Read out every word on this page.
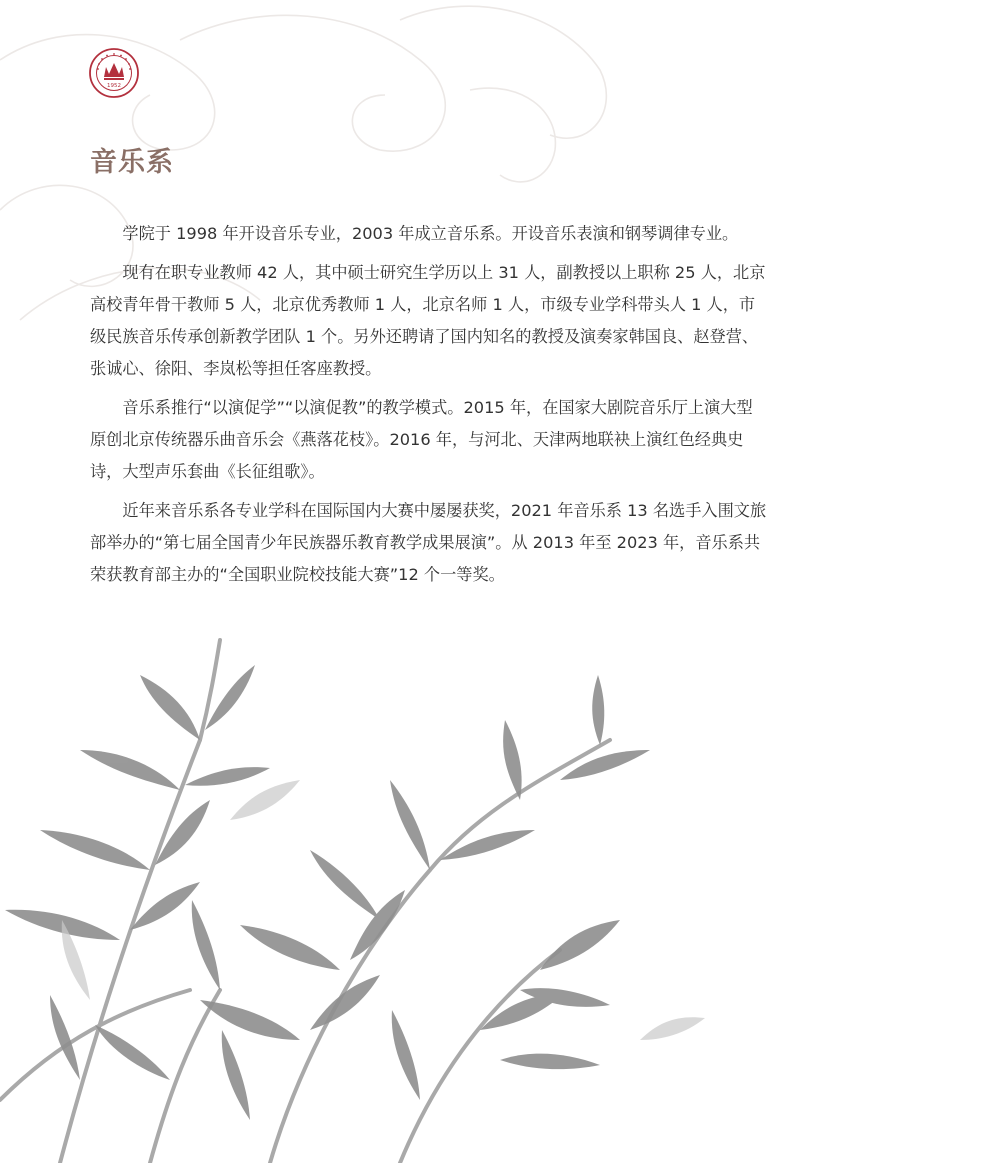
1952
音乐系

学院于 1998 年开设音乐专业，2003 年成立音乐系。开设音乐表演和钢琴调律专业。

现有在职专业教师 42 人，其中硕士研究生学历以上 31 人，副教授以上职称 25 人，北京高校青年骨干教师 5 人，北京优秀教师 1 人，北京名师 1 人，市级专业学科带头人 1 人，市级民族音乐传承创新教学团队 1 个。另外还聘请了国内知名的教授及演奏家韩国良、赵登营、张诚心、徐阳、李岚松等担任客座教授。

音乐系推行“以演促学”“以演促教”的教学模式。2015 年，在国家大剧院音乐厅上演大型原创北京传统器乐曲音乐会《燕落花枝》。2016 年，与河北、天津两地联袂上演红色经典史诗，大型声乐套曲《长征组歌》。

近年来音乐系各专业学科在国际国内大赛中屡屡获奖，2021 年音乐系 13 名选手入围文旅部举办的“第七届全国青少年民族器乐教育教学成果展演”。从 2013 年至 2023 年，音乐系共荣获教育部主办的“全国职业院校技能大赛”12 个一等奖。
